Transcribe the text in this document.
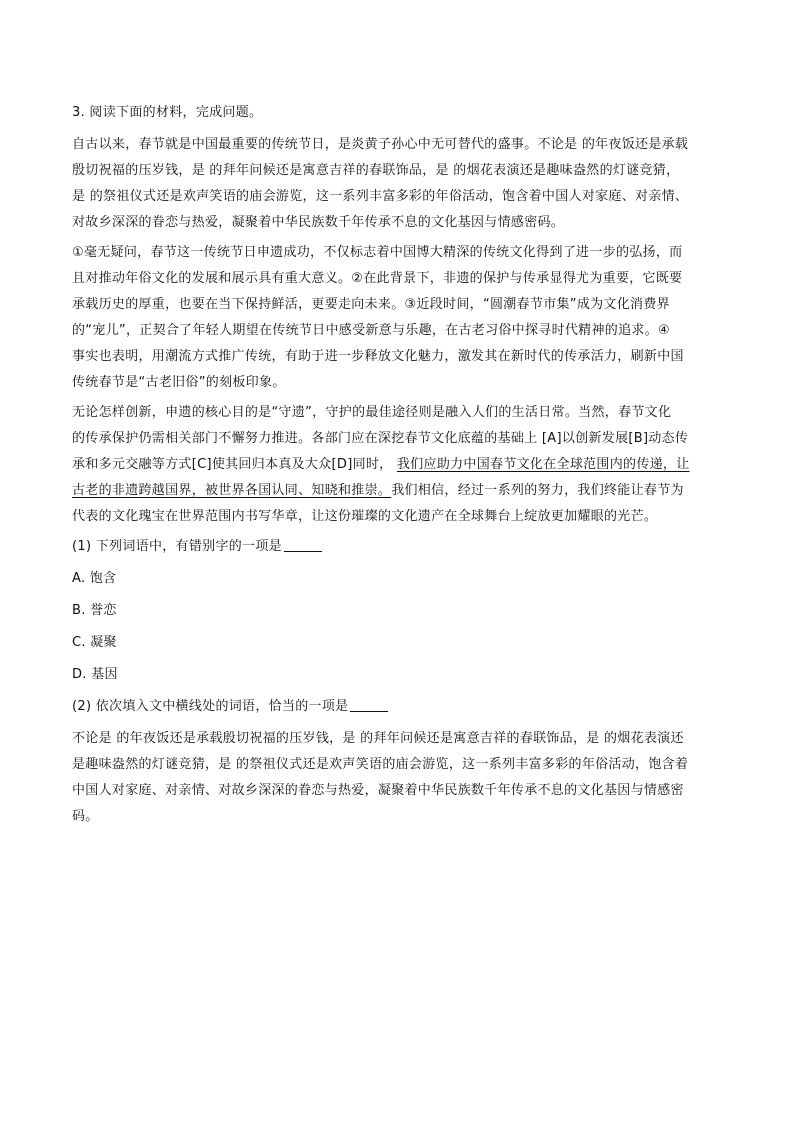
3. 阅读下面的材料，完成问题。
自古以来，春节就是中国最重要的传统节日，是炎黄子孙心中无可替代的盛事。不论是 的年夜饭还是承载
殷切祝福的压岁钱，是 的拜年问候还是寓意吉祥的春联饰品，是 的烟花表演还是趣味盎然的灯谜竞猜，
是 的祭祖仪式还是欢声笑语的庙会游览，这一系列丰富多彩的年俗活动，饱含着中国人对家庭、对亲情、
对故乡深深的眷恋与热爱，凝聚着中华民族数千年传承不息的文化基因与情感密码。
①毫无疑问，春节这一传统节日申遗成功，不仅标志着中国博大精深的传统文化得到了进一步的弘扬，而
且对推动年俗文化的发展和展示具有重大意义。②在此背景下，非遗的保护与传承显得尤为重要，它既要
承载历史的厚重，也要在当下保持鲜活，更要走向未来。③近段时间，“圆潮春节市集”成为文化消费界
的“宠儿”，正契合了年轻人期望在传统节日中感受新意与乐趣，在古老习俗中探寻时代精神的追求。④
事实也表明，用潮流方式推广传统，有助于进一步释放文化魅力，激发其在新时代的传承活力，刷新中国
传统春节是“古老旧俗”的刻板印象。
无论怎样创新，申遗的核心目的是“守遗”，守护的最佳途径则是融入人们的生活日常。当然，春节文化
的传承保护仍需相关部门不懈努力推进。各部门应在深挖春节文化底蕴的基础上 [A]以创新发展[B]动态传
承和多元交融等方式[C]使其回归本真及大众[D]同时， 我们应助力中国春节文化在全球范围内的传递，让
古老的非遗跨越国界，被世界各国认同、知晓和推崇。我们相信，经过一系列的努力，我们终能让春节为
代表的文化瑰宝在世界范围内书写华章，让这份璀璨的文化遗产在全球舞台上绽放更加耀眼的光芒。
(1) 下列词语中，有错别字的一项是
A. 饱含
B. 誉恋
C. 凝聚
D. 基因
(2) 依次填入文中横线处的词语，恰当的一项是
不论是 的年夜饭还是承载殷切祝福的压岁钱，是 的拜年问候还是寓意吉祥的春联饰品，是 的烟花表演还
是趣味盎然的灯谜竞猜，是 的祭祖仪式还是欢声笑语的庙会游览，这一系列丰富多彩的年俗活动，饱含着
中国人对家庭、对亲情、对故乡深深的眷恋与热爱，凝聚着中华民族数千年传承不息的文化基因与情感密
码。
